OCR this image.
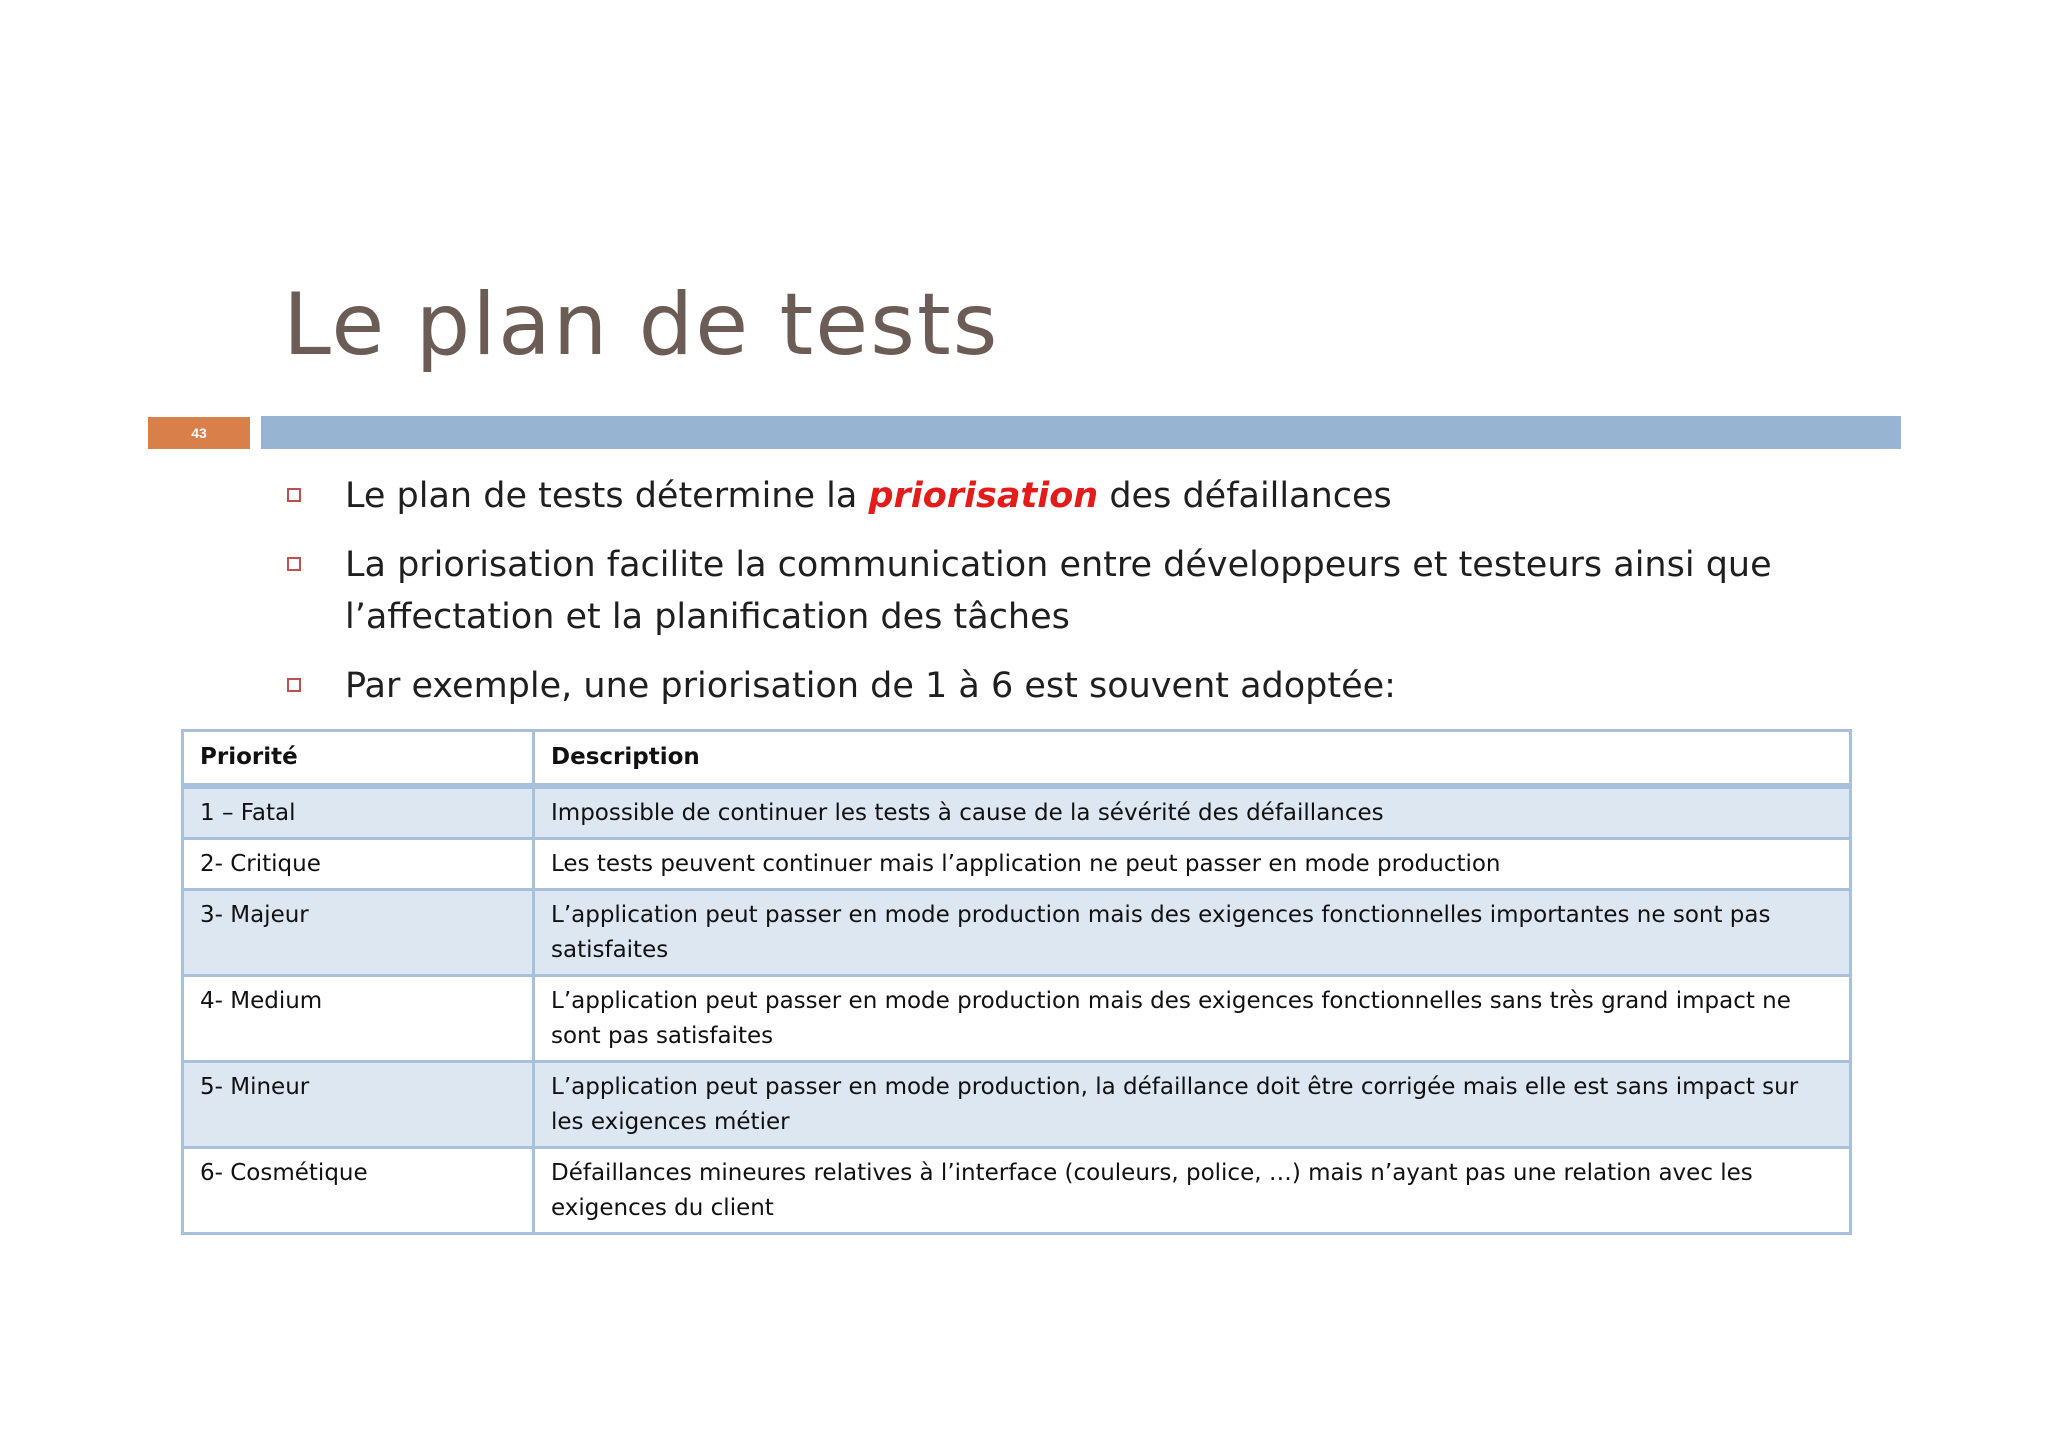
Le plan de tests
43
Le plan de tests détermine la priorisation des défaillances
La priorisation facilite la communication entre développeurs et testeurs ainsi que l’affectation et la planification des tâches
Par exemple, une priorisation de 1 à 6 est souvent adoptée:
Priorité	Description
1 – Fatal	Impossible de continuer les tests à cause de la sévérité des défaillances
2- Critique	Les tests peuvent continuer mais l’application ne peut passer en mode production
3- Majeur	L’application peut passer en mode production mais des exigences fonctionnelles importantes ne sont pas satisfaites
4- Medium	L’application peut passer en mode production mais des exigences fonctionnelles sans très grand impact ne sont pas satisfaites
5- Mineur	L’application peut passer en mode production, la défaillance doit être corrigée mais elle est sans impact sur les exigences métier
6- Cosmétique	Défaillances mineures relatives à l’interface (couleurs, police, …) mais n’ayant pas une relation avec les exigences du client
